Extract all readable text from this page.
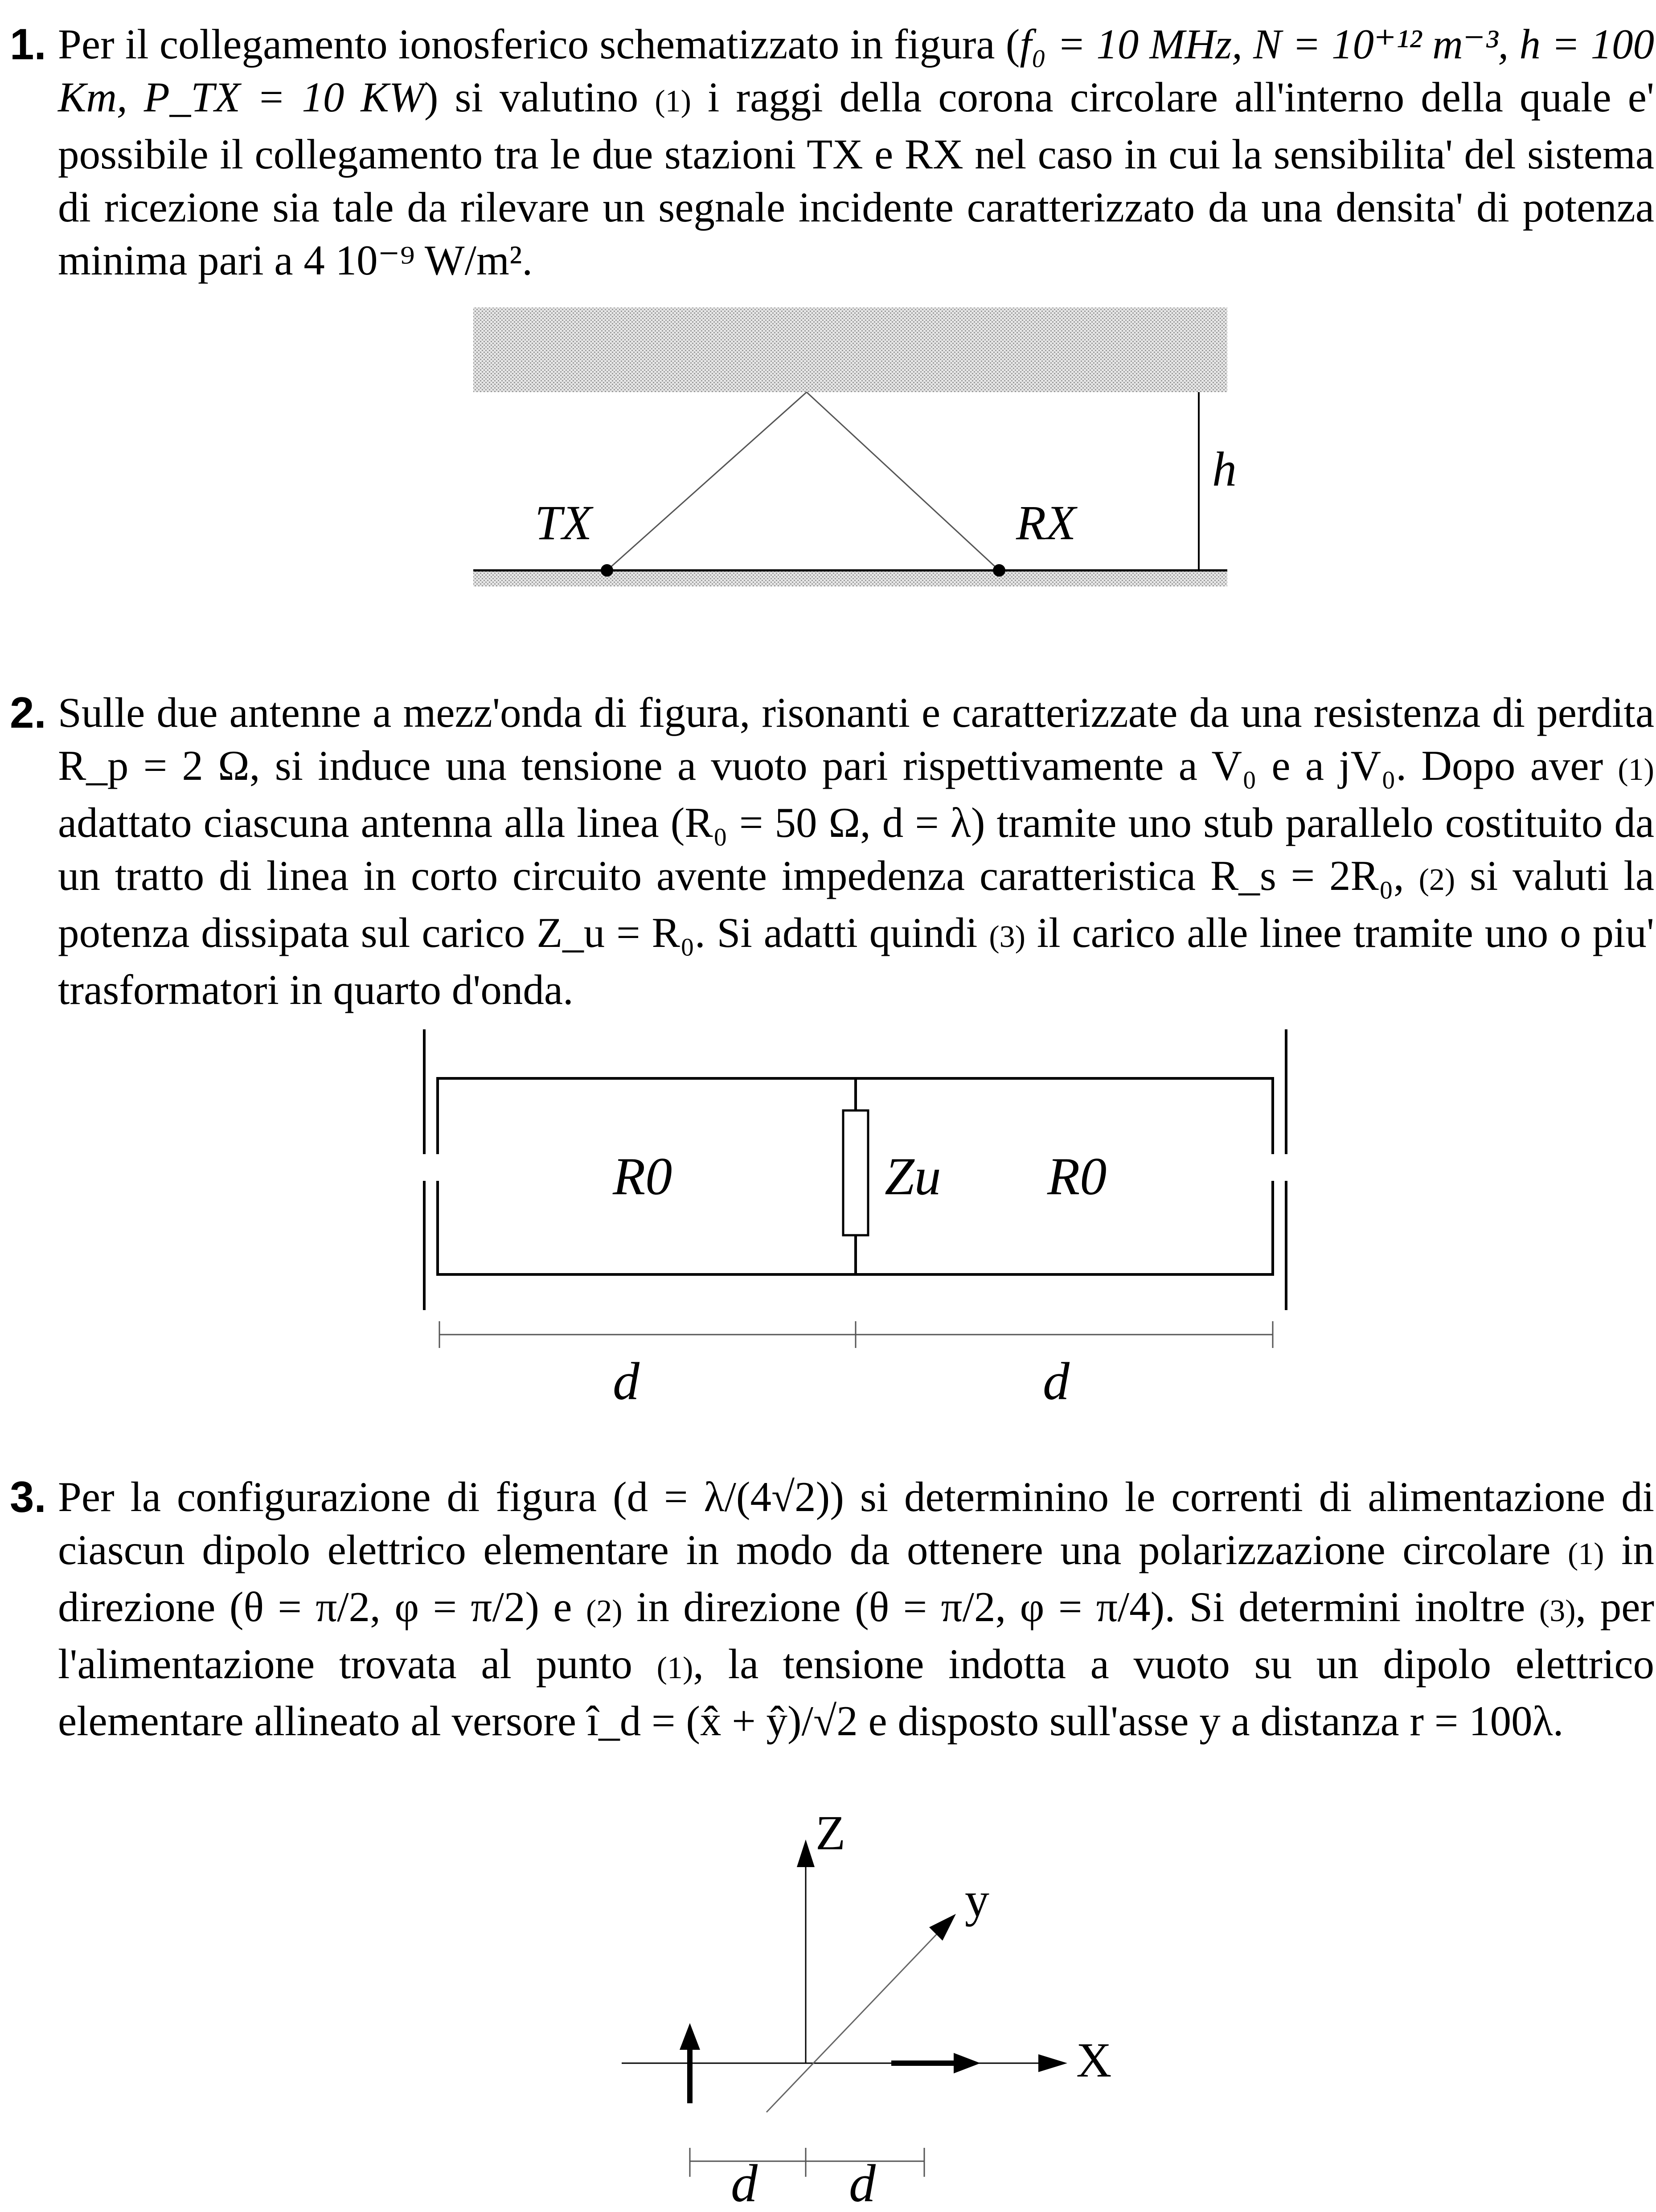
1. Per il collegamento ionosferico schematizzato in figura (f₀ = 10 MHz, N = 10⁺¹² m⁻³, h = 100 Km, P_TX = 10 KW) si valutino (1) i raggi della corona circolare all'interno della quale e' possibile il collegamento tra le due stazioni TX e RX nel caso in cui la sensibilita' del sistema di ricezione sia tale da rilevare un segnale incidente caratterizzato da una densita' di potenza minima pari a 4 10⁻⁹ W/m².

TX	RX
h
2. Sulle due antenne a mezz'onda di figura, risonanti e caratterizzate da una resistenza di perdita R_p = 2 Ω, si induce una tensione a vuoto pari rispettivamente a V₀ e a jV₀. Dopo aver (1) adattato ciascuna antenna alla linea (R₀ = 50 Ω, d = λ) tramite uno stub parallelo costituito da un tratto di linea in corto circuito avente impedenza caratteristica R_s = 2R₀, (2) si valuti la potenza dissipata sul carico Z_u = R₀. Si adatti quindi (3) il carico alle linee tramite uno o piu' trasformatori in quarto d'onda.

R0	Zu R0
d	d
3. Per la configurazione di figura (d = λ/(4√2)) si determinino le correnti di alimentazione di ciascun dipolo elettrico elementare in modo da ottenere una polarizzazione circolare (1) in direzione (θ = π/2, φ = π/2) e (2) in direzione (θ = π/2, φ = π/4). Si determini inoltre (3), per l'alimentazione trovata al punto (1), la tensione indotta a vuoto su un dipolo elettrico elementare allineato al versore î_d = (x̂ + ŷ)/√2 e disposto sull'asse y a distanza r = 100λ.

Z
y
X
d d
